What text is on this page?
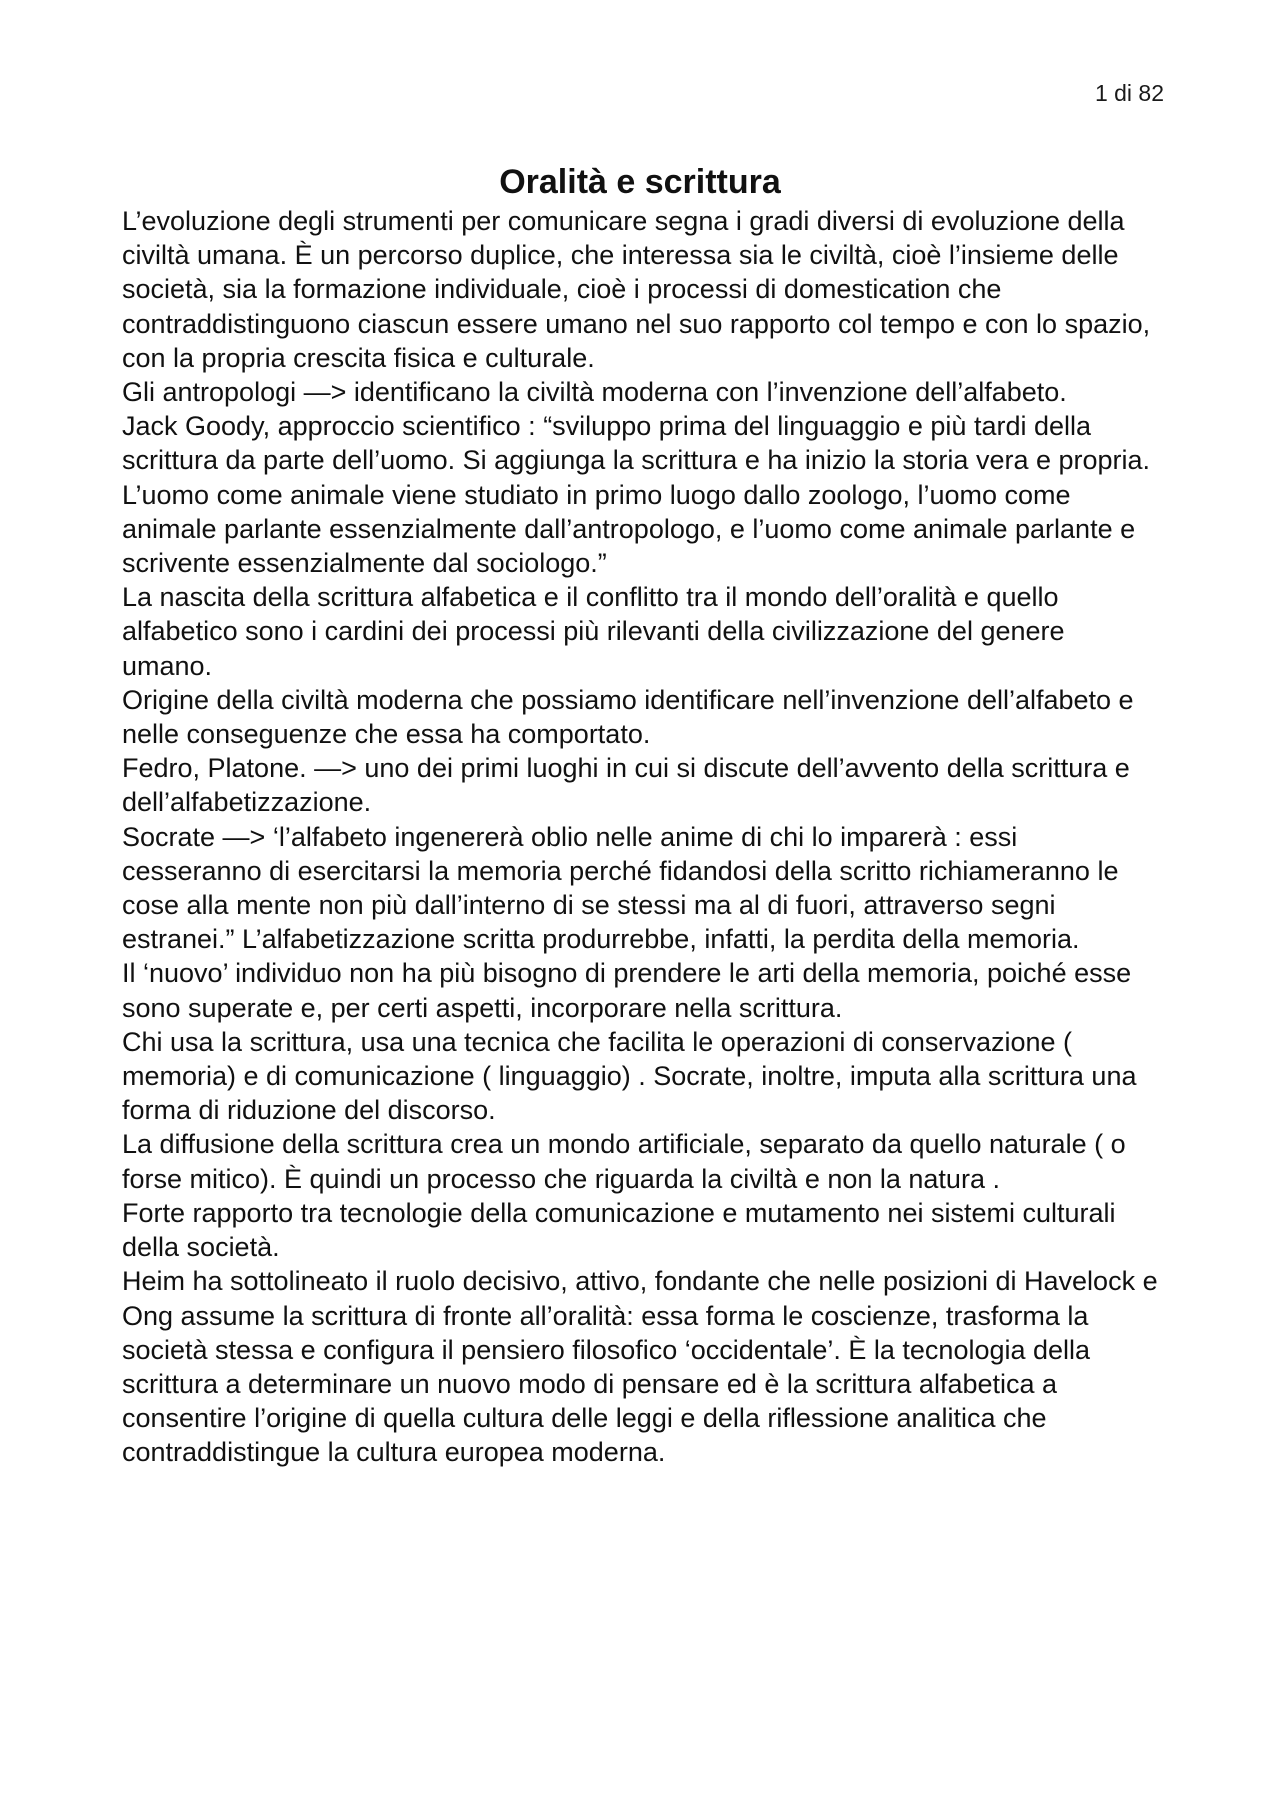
1 di 82
Oralità e scrittura

L’evoluzione degli strumenti per comunicare segna i gradi diversi di evoluzione della civiltà umana. È un percorso duplice, che interessa sia le civiltà, cioè l’insieme delle società, sia la formazione individuale, cioè i processi di domestication che contraddistinguono ciascun essere umano nel suo rapporto col tempo e con lo spazio, con la propria crescita fisica e culturale.

Gli antropologi —> identificano la civiltà moderna con l’invenzione dell’alfabeto.

Jack Goody, approccio scientifico : “sviluppo prima del linguaggio e più tardi della scrittura da parte dell’uomo. Si aggiunga la scrittura e ha inizio la storia vera e propria. L’uomo come animale viene studiato in primo luogo dallo zoologo, l’uomo come animale parlante essenzialmente dall’antropologo, e l’uomo come animale parlante e scrivente essenzialmente dal sociologo.”

La nascita della scrittura alfabetica e il conflitto tra il mondo dell’oralità e quello alfabetico sono i cardini dei processi più rilevanti della civilizzazione del genere umano.

Origine della civiltà moderna che possiamo identificare nell’invenzione dell’alfabeto e nelle conseguenze che essa ha comportato.

Fedro, Platone. —> uno dei primi luoghi in cui si discute dell’avvento della scrittura e dell’alfabetizzazione.

Socrate —> ‘l’alfabeto ingenererà oblio nelle anime di chi lo imparerà : essi cesseranno di esercitarsi la memoria perché fidandosi della scritto richiameranno le cose alla mente non più dall’interno di se stessi ma al di fuori, attraverso segni estranei.” L’alfabetizzazione scritta produrrebbe, infatti, la perdita della memoria.

Il ‘nuovo’ individuo non ha più bisogno di prendere le arti della memoria, poiché esse sono superate e, per certi aspetti, incorporare nella scrittura.

Chi usa la scrittura, usa una tecnica che facilita le operazioni di conservazione ( memoria) e di comunicazione ( linguaggio) . Socrate, inoltre, imputa alla scrittura una forma di riduzione del discorso.

La diffusione della scrittura crea un mondo artificiale, separato da quello naturale ( o forse mitico). È quindi un processo che riguarda la civiltà e non la natura .

Forte rapporto tra tecnologie della comunicazione e mutamento nei sistemi culturali della società.

Heim ha sottolineato il ruolo decisivo, attivo, fondante che nelle posizioni di Havelock e Ong assume la scrittura di fronte all’oralità: essa forma le coscienze, trasforma la società stessa e configura il pensiero filosofico ‘occidentale’. È la tecnologia della scrittura a determinare un nuovo modo di pensare ed è la scrittura alfabetica a consentire l’origine di quella cultura delle leggi e della riflessione analitica che contraddistingue la cultura europea moderna.
